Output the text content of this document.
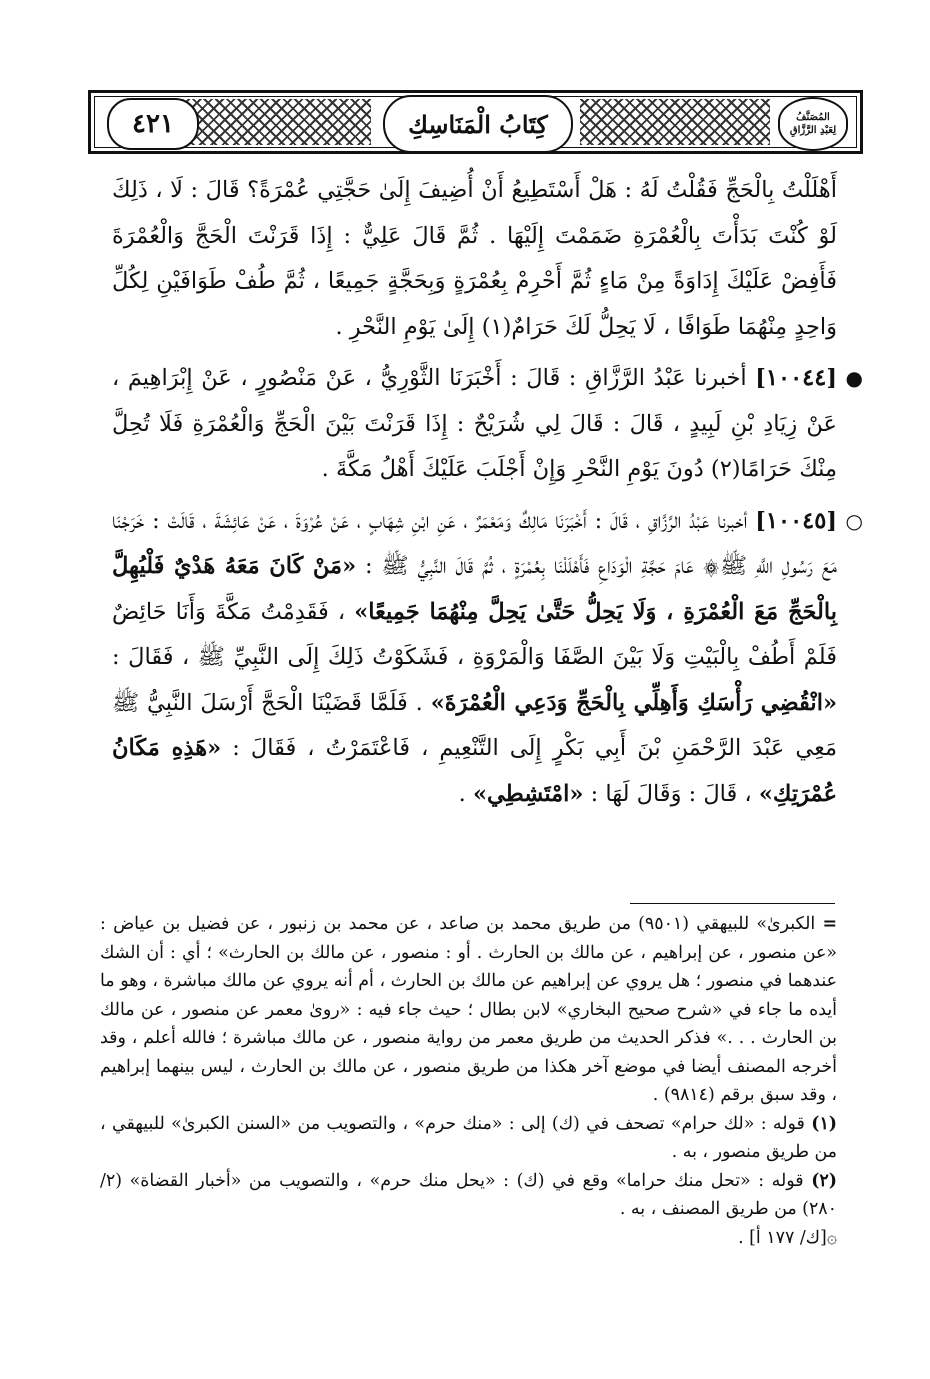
٤٢١	كِتَابُ الْمَنَاسِكِ	المُصَنَّفُ
لِعَبْدِ الرَّزَّاقِ

أَهْلَلْتُ بِالْحَجِّ فَقُلْتُ لَهُ : هَلْ أَسْتَطِيعُ أَنْ أُضِيفَ إِلَىٰ حَجَّتِي عُمْرَةً؟ قَالَ : لَا ، ذَلِكَ لَوْ كُنْتَ بَدَأْتَ بِالْعُمْرَةِ ضَمَمْتَ إِلَيْهَا . ثُمَّ قَالَ عَلِيٌّ : إِذَا قَرَنْتَ الْحَجَّ وَالْعُمْرَةَ فَأَفِضْ عَلَيْكَ إِدَاوَةً مِنْ مَاءٍ ثُمَّ أَحْرِمْ بِعُمْرَةٍ وَبِحَجَّةٍ جَمِيعًا ، ثُمَّ طُفْ طَوَافَيْنِ لِكُلِّ وَاحِدٍ مِنْهُمَا طَوَافًا ، لَا يَحِلُّ لَكَ حَرَامٌ(١) إِلَىٰ يَوْمِ النَّحْرِ .

●
[١٠٠٤٤] أخبرنا عَبْدُ الرَّزَّاقِ : قَالَ : أَخْبَرَنَا الثَّوْرِيُّ ، عَنْ مَنْصُورٍ ، عَنْ إِبْرَاهِيمَ ، عَنْ زِيَادِ بْنِ لَبِيدٍ ، قَالَ : قَالَ لِي شُرَيْحٌ : إِذَا قَرَنْتَ بَيْنَ الْحَجِّ وَالْعُمْرَةِ فَلَا تُحِلَّ مِنْكَ حَرَامًا(٢) دُونَ يَوْمِ النَّحْرِ وَإِنْ أَجْلَبَ عَلَيْكَ أَهْلُ مَكَّةَ .

○
[١٠٠٤٥] أخبرنا عَبْدُ الرَّزَّاقِ ، قَالَ : أَخْبَرَنَا مَالِكٌ وَمَعْمَرٌ ، عَنِ ابْنِ شِهَابٍ ، عَنْ عُرْوَةَ ، عَنْ عَائِشَةَ ، قَالَتْ : خَرَجْنَا مَعَ رَسُولِ اللَّهِ ﷺ۞ عَامَ حَجَّةِ الْوَدَاعِ فَأَهْلَلْنَا بِعُمْرَةٍ ، ثُمَّ قَالَ النَّبِيُّ ﷺ : «مَنْ كَانَ مَعَهُ هَدْيٌ فَلْيُهِلَّ بِالْحَجِّ مَعَ الْعُمْرَةِ ، وَلَا يَحِلُّ حَتَّىٰ يَحِلَّ مِنْهُمَا جَمِيعًا» ، فَقَدِمْتُ مَكَّةَ وَأَنَا حَائِضٌ فَلَمْ أَطُفْ بِالْبَيْتِ وَلَا بَيْنَ الصَّفَا وَالْمَرْوَةِ ، فَشَكَوْتُ ذَلِكَ إِلَى النَّبِيِّ ﷺ ، فَقَالَ : «انْقُضِي رَأْسَكِ وَأَهِلِّي بِالْحَجِّ وَدَعِي الْعُمْرَةَ» . فَلَمَّا قَضَيْنَا الْحَجَّ أَرْسَلَ النَّبِيُّ ﷺ مَعِي عَبْدَ الرَّحْمَنِ بْنَ أَبِي بَكْرٍ إِلَى التَّنْعِيمِ ، فَاعْتَمَرْتُ ، فَقَالَ : «هَذِهِ مَكَانُ عُمْرَتِكِ» ، قَالَ : وَقَالَ لَهَا : «امْتَشِطِي» .

= الكبرىٰ» للبيهقي (٩٥٠١) من طريق محمد بن صاعد ، عن محمد بن زنبور ، عن فضيل بن عياض : «عن منصور ، عن إبراهيم ، عن مالك بن الحارث . أو : منصور ، عن مالك بن الحارث» ؛ أي : أن الشك عندهما في منصور ؛ هل يروي عن إبراهيم عن مالك بن الحارث ، أم أنه يروي عن مالك مباشرة ، وهو ما أيده ما جاء في «شرح صحيح البخاري» لابن بطال ؛ حيث جاء فيه : «روىٰ معمر عن منصور ، عن مالك بن الحارث . . .» فذكر الحديث من طريق معمر من رواية منصور ، عن مالك مباشرة ؛ فالله أعلم ، وقد أخرجه المصنف أيضا في موضع آخر هكذا من طريق منصور ، عن مالك بن الحارث ، ليس بينهما إبراهيم ، وقد سبق برقم (٩٨١٤) .

(١) قوله : «لك حرام» تصحف في (ك) إلى : «منك حرم» ، والتصويب من «السنن الكبرىٰ» للبيهقي ، من طريق منصور ، به .

(٢) قوله : «تحل منك حراما» وقع في (ك) : «يحل منك حرم» ، والتصويب من «أخبار القضاة» (٢/ ٢٨٠) من طريق المصنف ، به .

۞[ك/ ١٧٧ أ] .
